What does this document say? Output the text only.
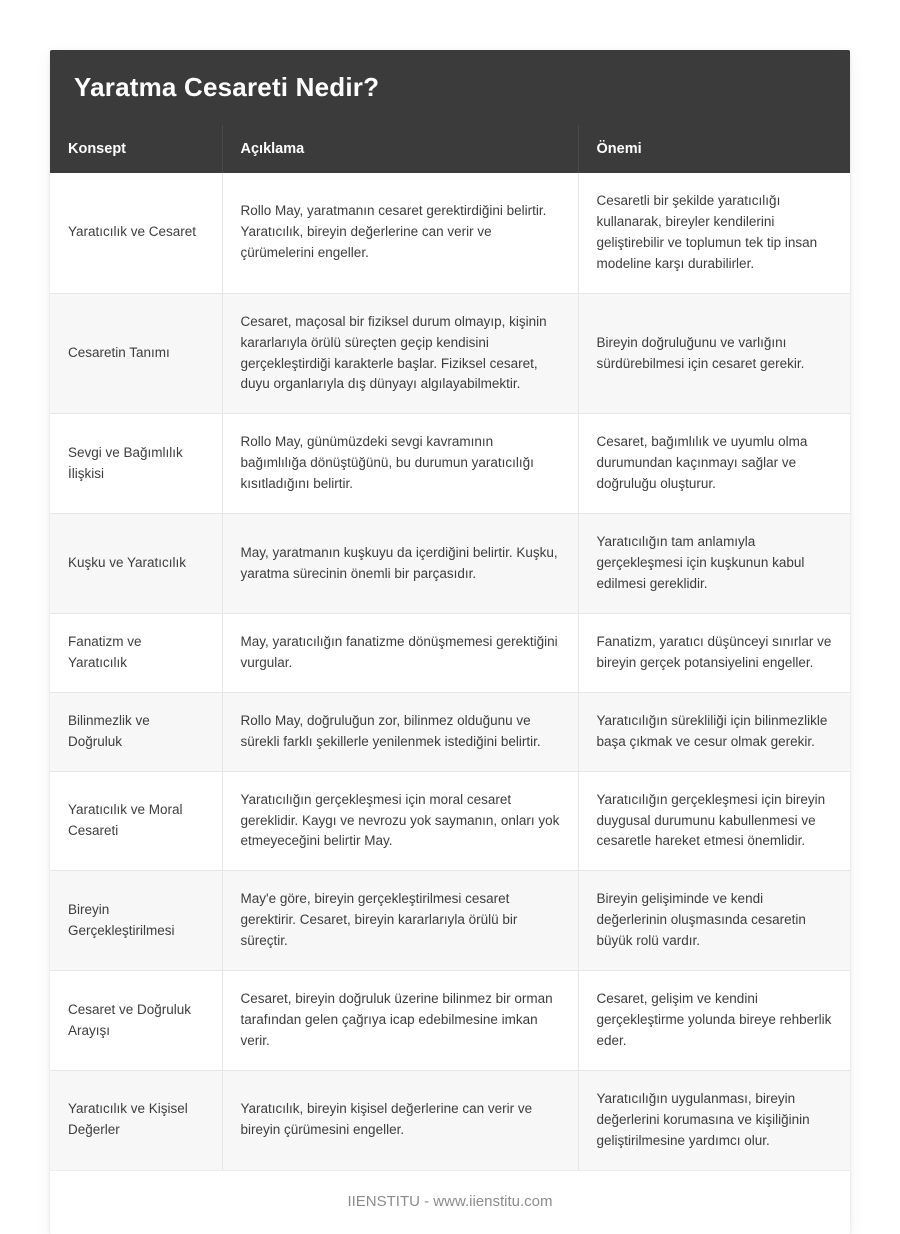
Yaratma Cesareti Nedir?
Konsept	Açıklama	Önemi
Yaratıcılık ve Cesaret	Rollo May, yaratmanın cesaret gerektirdiğini belirtir. Yaratıcılık, bireyin değerlerine can verir ve çürümelerini engeller.	Cesaretli bir şekilde yaratıcılığı kullanarak, bireyler kendilerini geliştirebilir ve toplumun tek tip insan modeline karşı durabilirler.
Cesaretin Tanımı	Cesaret, maçosal bir fiziksel durum olmayıp, kişinin kararlarıyla örülü süreçten geçip kendisini gerçekleştirdiği karakterle başlar. Fiziksel cesaret, duyu organlarıyla dış dünyayı algılayabilmektir.	Bireyin doğruluğunu ve varlığını sürdürebilmesi için cesaret gerekir.
Sevgi ve Bağımlılık İlişkisi	Rollo May, günümüzdeki sevgi kavramının bağımlılığa dönüştüğünü, bu durumun yaratıcılığı kısıtladığını belirtir.	Cesaret, bağımlılık ve uyumlu olma durumundan kaçınmayı sağlar ve doğruluğu oluşturur.
Kuşku ve Yaratıcılık	May, yaratmanın kuşkuyu da içerdiğini belirtir. Kuşku, yaratma sürecinin önemli bir parçasıdır.	Yaratıcılığın tam anlamıyla gerçekleşmesi için kuşkunun kabul edilmesi gereklidir.
Fanatizm ve Yaratıcılık	May, yaratıcılığın fanatizme dönüşmemesi gerektiğini vurgular.	Fanatizm, yaratıcı düşünceyi sınırlar ve bireyin gerçek potansiyelini engeller.
Bilinmezlik ve Doğruluk	Rollo May, doğruluğun zor, bilinmez olduğunu ve sürekli farklı şekillerle yenilenmek istediğini belirtir.	Yaratıcılığın sürekliliği için bilinmezlikle başa çıkmak ve cesur olmak gerekir.
Yaratıcılık ve Moral Cesareti	Yaratıcılığın gerçekleşmesi için moral cesaret gereklidir. Kaygı ve nevrozu yok saymanın, onları yok etmeyeceğini belirtir May.	Yaratıcılığın gerçekleşmesi için bireyin duygusal durumunu kabullenmesi ve cesaretle hareket etmesi önemlidir.
Bireyin Gerçekleştirilmesi	May'e göre, bireyin gerçekleştirilmesi cesaret gerektirir. Cesaret, bireyin kararlarıyla örülü bir süreçtir.	Bireyin gelişiminde ve kendi değerlerinin oluşmasında cesaretin büyük rolü vardır.
Cesaret ve Doğruluk Arayışı	Cesaret, bireyin doğruluk üzerine bilinmez bir orman tarafından gelen çağrıya icap edebilmesine imkan verir.	Cesaret, gelişim ve kendini gerçekleştirme yolunda bireye rehberlik eder.
Yaratıcılık ve Kişisel Değerler	Yaratıcılık, bireyin kişisel değerlerine can verir ve bireyin çürümesini engeller.	Yaratıcılığın uygulanması, bireyin değerlerini korumasına ve kişiliğinin geliştirilmesine yardımcı olur.
IIENSTITU - www.iienstitu.com
